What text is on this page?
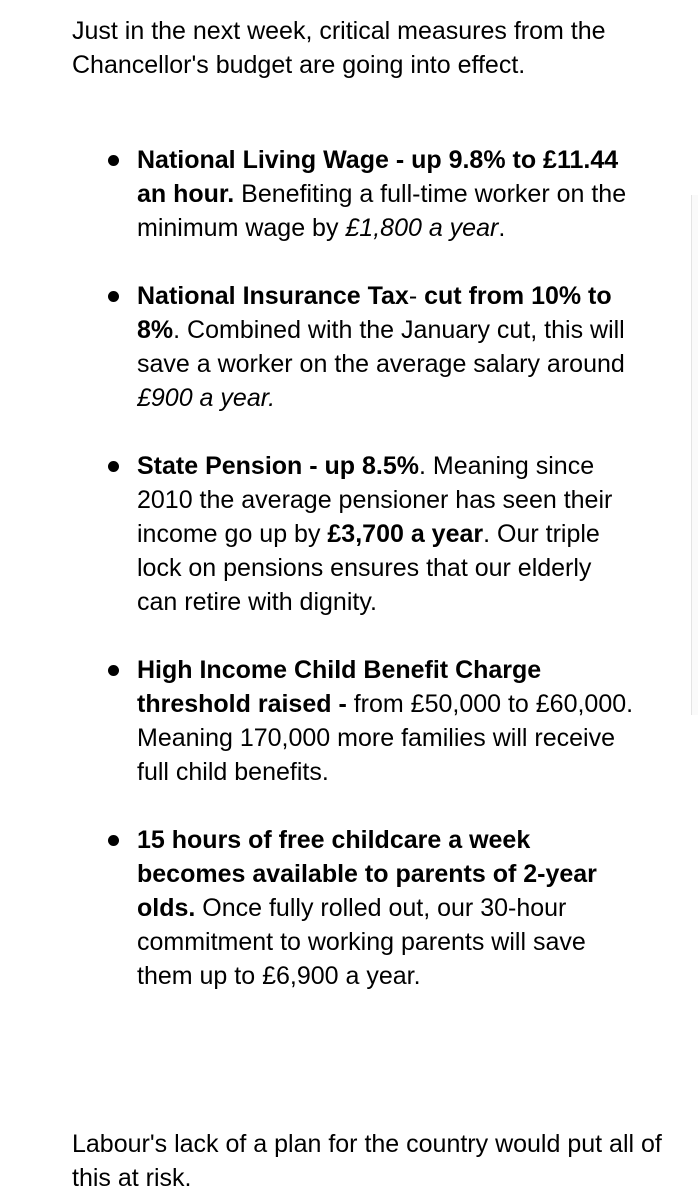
Just in the next week, critical measures from the Chancellor's budget are going into effect.

National Living Wage - up 9.8% to £11.44 an hour. Benefiting a full-time worker on the minimum wage by £1,800 a year.
National Insurance Tax- cut from 10% to 8%. Combined with the January cut, this will save a worker on the average salary around £900 a year.
State Pension - up 8.5%. Meaning since 2010 the average pensioner has seen their income go up by £3,700 a year. Our triple lock on pensions ensures that our elderly can retire with dignity.
High Income Child Benefit Charge threshold raised - from £50,000 to £60,000. Meaning 170,000 more families will receive full child benefits.
15 hours of free childcare a week becomes available to parents of 2-year olds. Once fully rolled out, our 30-hour commitment to working parents will save them up to £6,900 a year.

Labour's lack of a plan for the country would put all of this at risk.
